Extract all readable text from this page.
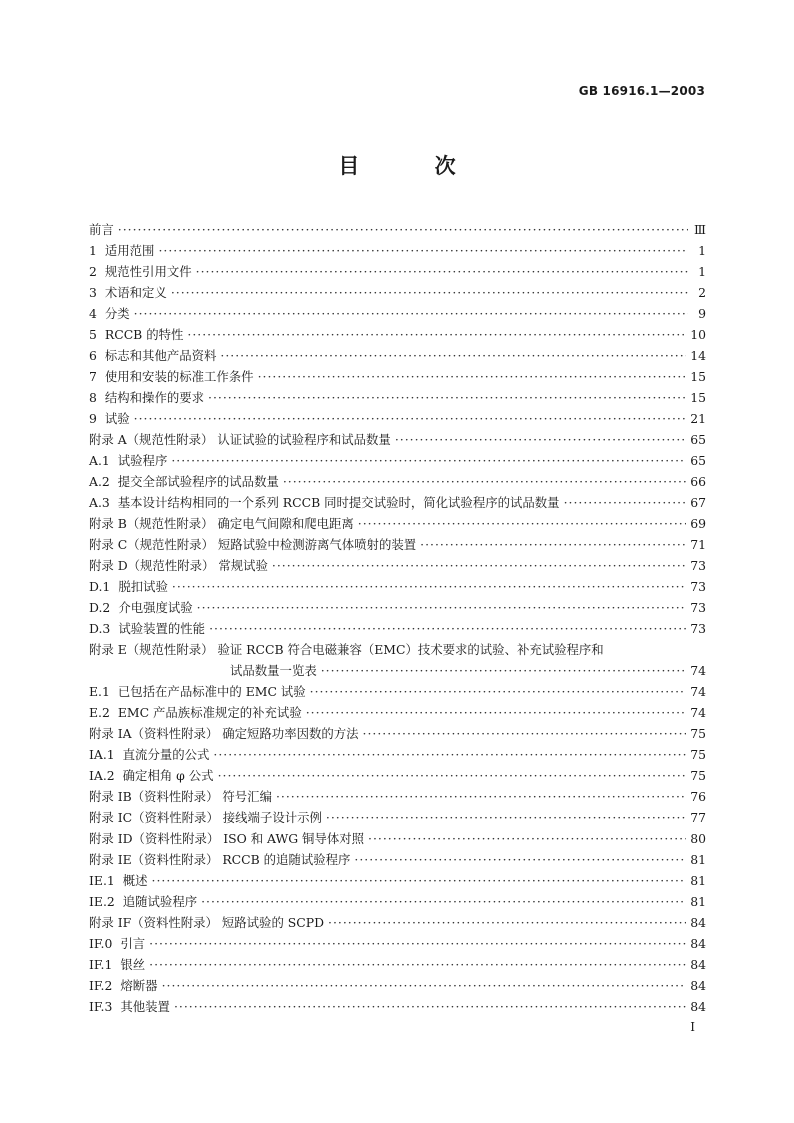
GB 16916.1—2003
目 次
前言 ·····	Ⅲ
1 适用范围 ·····	1
2 规范性引用文件 ·····	1
3 术语和定义 ·····	2
4 分类 ·····	9
5 RCCB 的特性 ·····	10
6 标志和其他产品资料 ·····	14
7 使用和安装的标准工作条件 ·····	15
8 结构和操作的要求 ·····	15
9 试验 ·····	21
附录 A（规范性附录） 认证试验的试验程序和试品数量 ·····	65
A.1 试验程序 ·····	65
A.2 提交全部试验程序的试品数量 ·····	66
A.3 基本设计结构相同的一个系列 RCCB 同时提交试验时，简化试验程序的试品数量 ·····	67
附录 B（规范性附录） 确定电气间隙和爬电距离 ·····	69
附录 C（规范性附录） 短路试验中检测游离气体喷射的装置 ·····	71
附录 D（规范性附录） 常规试验 ·····	73
D.1 脱扣试验 ·····	73
D.2 介电强度试验 ·····	73
D.3 试验装置的性能 ·····	73
附录 E（规范性附录） 验证 RCCB 符合电磁兼容（EMC）技术要求的试验、补充试验程序和
试品数量一览表 ·····	74
E.1 已包括在产品标准中的 EMC 试验 ·····	74
E.2 EMC 产品族标准规定的补充试验 ·····	74
附录 IA（资料性附录） 确定短路功率因数的方法 ·····	75
IA.1 直流分量的公式 ·····	75
IA.2 确定相角 φ 公式 ·····	75
附录 IB（资料性附录） 符号汇编 ·····	76
附录 IC（资料性附录） 接线端子设计示例 ·····	77
附录 ID（资料性附录） ISO 和 AWG 铜导体对照 ·····	80
附录 IE（资料性附录） RCCB 的追随试验程序 ·····	81
IE.1 概述 ·····	81
IE.2 追随试验程序 ·····	81
附录 IF（资料性附录） 短路试验的 SCPD ·····	84
IF.0 引言 ·····	84
IF.1 银丝 ·····	84
IF.2 熔断器 ·····	84
IF.3 其他装置 ·····	84
I
